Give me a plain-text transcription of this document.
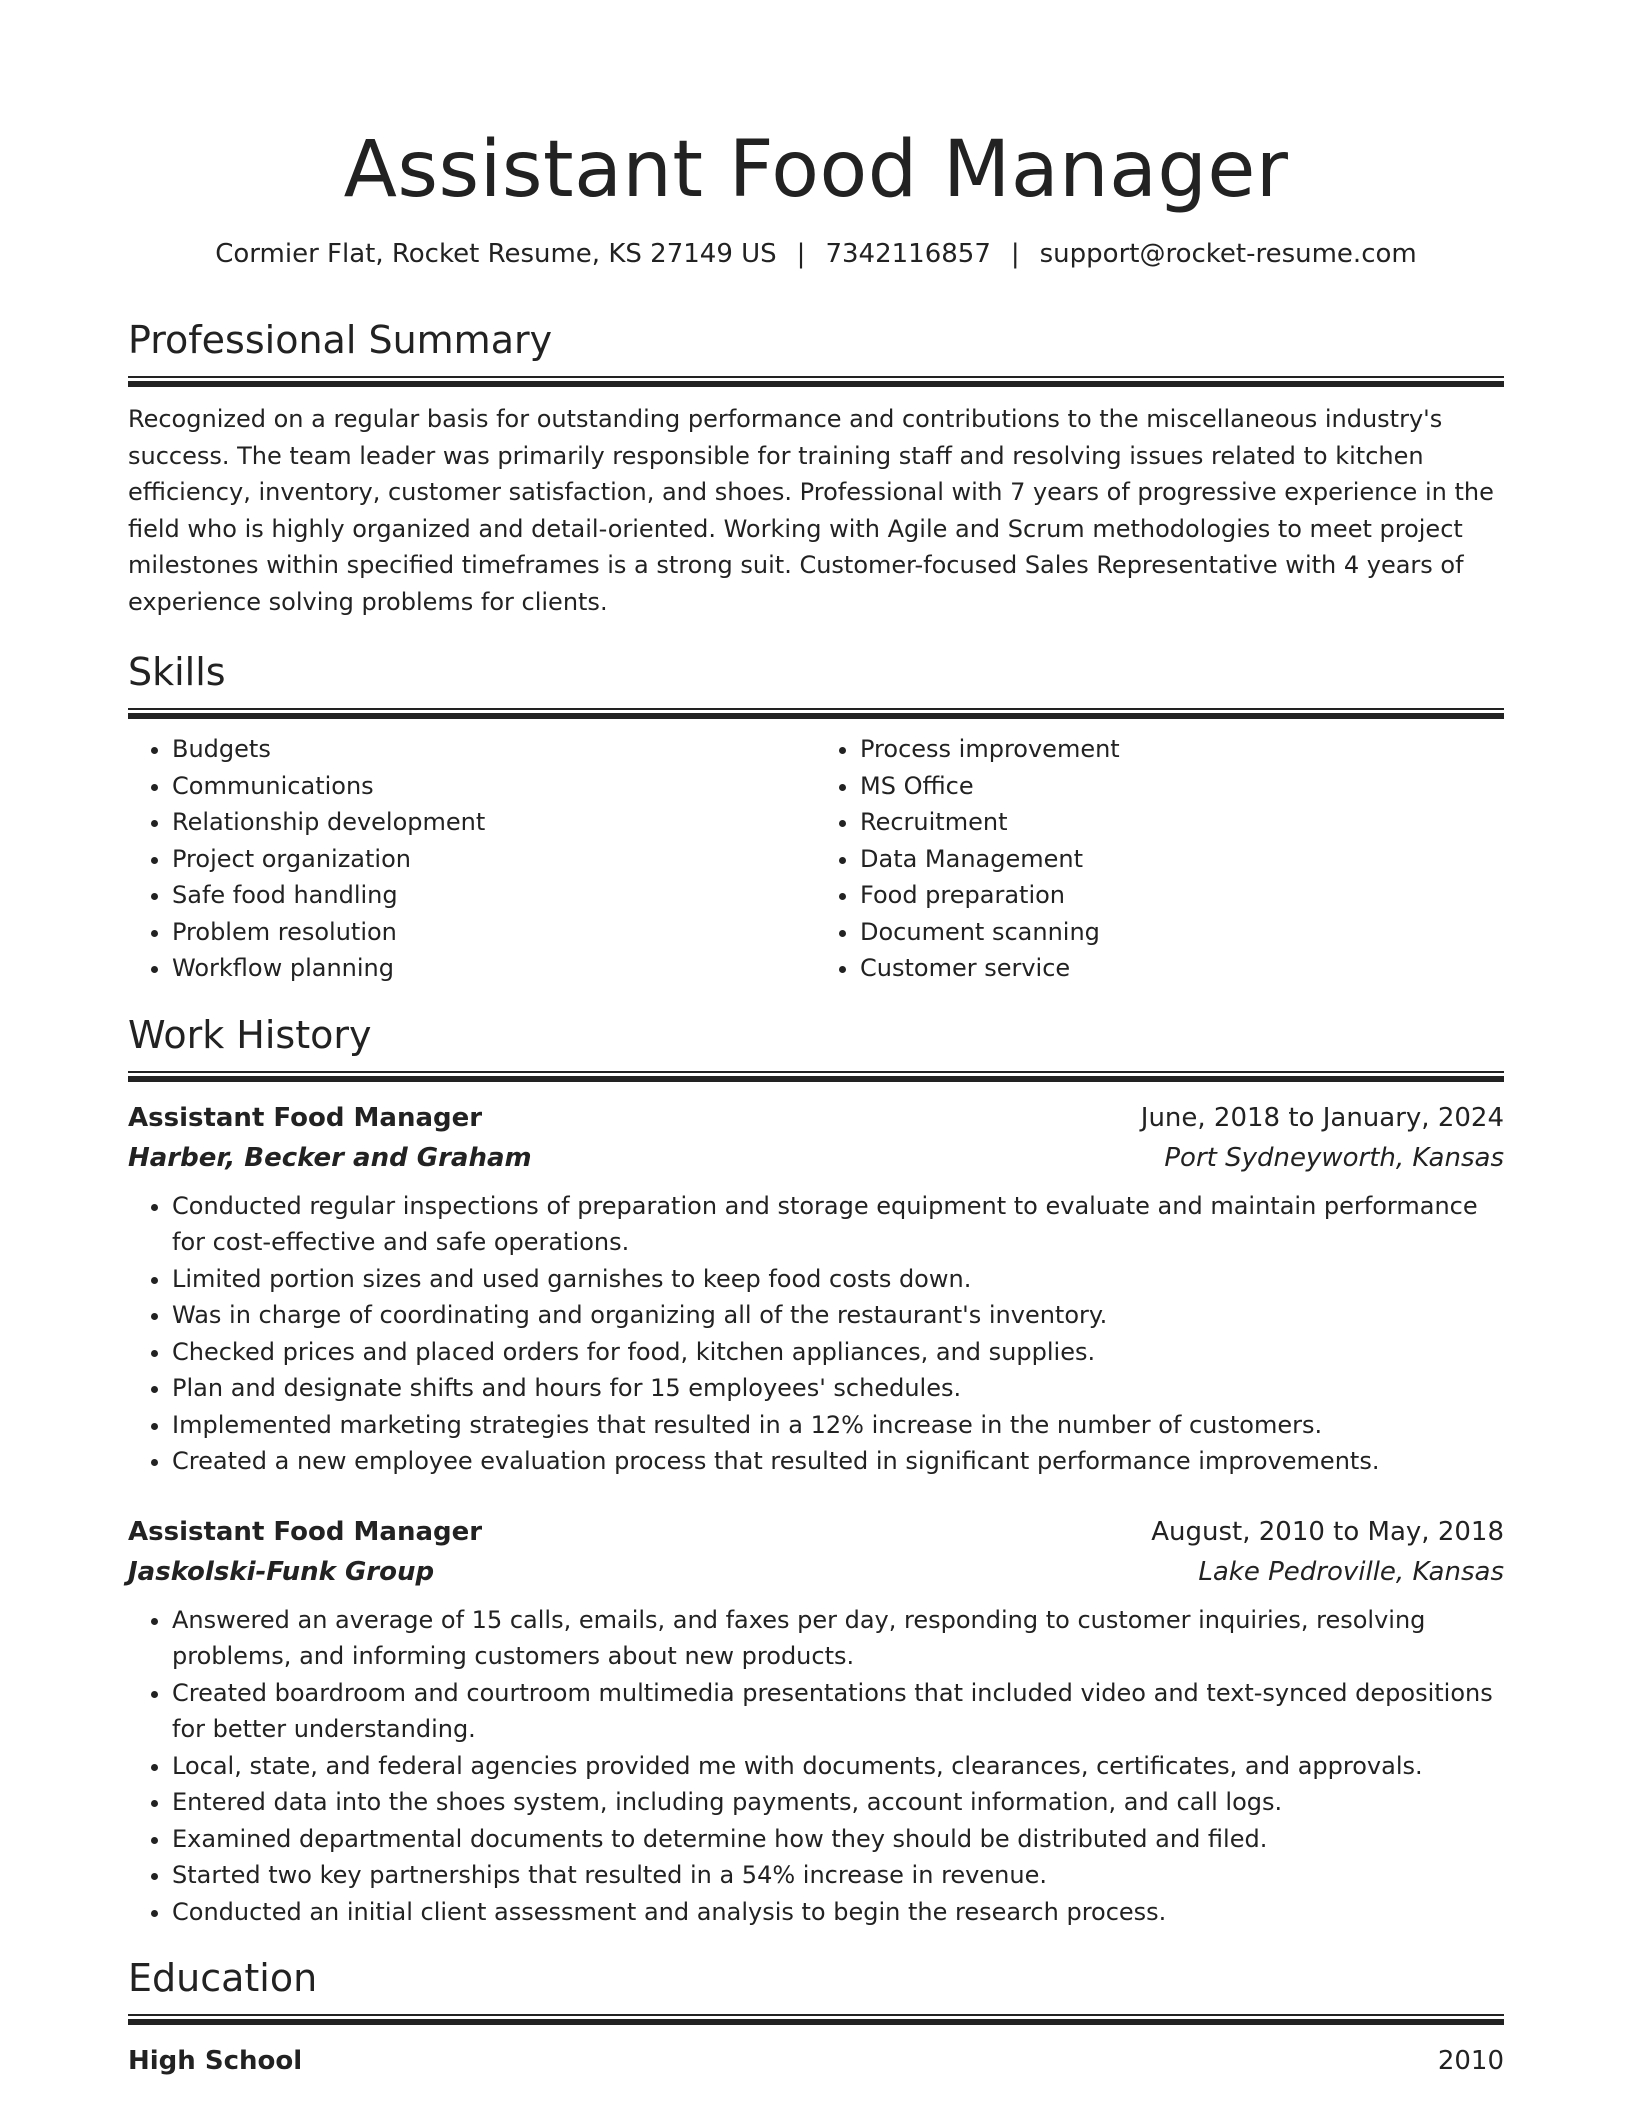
Assistant Food Manager
Cormier Flat, Rocket Resume, KS 27149 US | 7342116857 | support@rocket-resume.com
Professional Summary

Recognized on a regular basis for outstanding performance and contributions to the miscellaneous industry's success. The team leader was primarily responsible for training staff and resolving issues related to kitchen efficiency, inventory, customer satisfaction, and shoes. Professional with 7 years of progressive experience in the field who is highly organized and detail-oriented. Working with Agile and Scrum methodologies to meet project milestones within specified timeframes is a strong suit. Customer-focused Sales Representative with 4 years of experience solving problems for clients.

Skills
• Budgets
• Communications
• Relationship development
• Project organization
• Safe food handling
• Problem resolution
• Workflow planning
• Process improvement
• MS Office
• Recruitment
• Data Management
• Food preparation
• Document scanning
• Customer service
Work History
Assistant Food Manager	June, 2018 to January, 2024
Harber, Becker and Graham	Port Sydneyworth, Kansas
• Conducted regular inspections of preparation and storage equipment to evaluate and maintain performance for cost-effective and safe operations.
• Limited portion sizes and used garnishes to keep food costs down.
• Was in charge of coordinating and organizing all of the restaurant's inventory.
• Checked prices and placed orders for food, kitchen appliances, and supplies.
• Plan and designate shifts and hours for 15 employees' schedules.
• Implemented marketing strategies that resulted in a 12% increase in the number of customers.
• Created a new employee evaluation process that resulted in significant performance improvements.
Assistant Food Manager	August, 2010 to May, 2018
Jaskolski-Funk Group	Lake Pedroville, Kansas
• Answered an average of 15 calls, emails, and faxes per day, responding to customer inquiries, resolving problems, and informing customers about new products.
• Created boardroom and courtroom multimedia presentations that included video and text-synced depositions for better understanding.
• Local, state, and federal agencies provided me with documents, clearances, certificates, and approvals.
• Entered data into the shoes system, including payments, account information, and call logs.
• Examined departmental documents to determine how they should be distributed and filed.
• Started two key partnerships that resulted in a 54% increase in revenue.
• Conducted an initial client assessment and analysis to begin the research process.
Education
High School	2010
